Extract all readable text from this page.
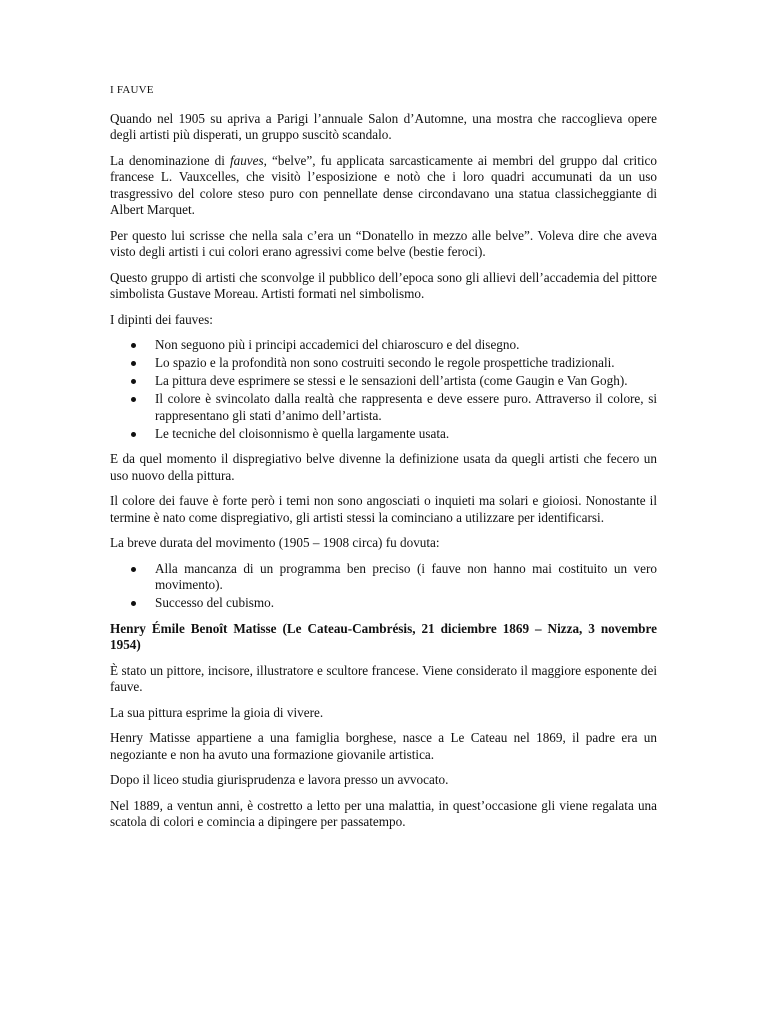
I FAUVE

Quando nel 1905 su apriva a Parigi l’annuale Salon d’Automne, una mostra che raccoglieva opere degli artisti più disperati, un gruppo suscitò scandalo.

La denominazione di fauves, “belve”, fu applicata sarcasticamente ai membri del gruppo dal critico francese L. Vauxcelles, che visitò l’esposizione e notò che i loro quadri accumunati da un uso trasgressivo del colore steso puro con pennellate dense circondavano una statua classicheggiante di Albert Marquet.

Per questo lui scrisse che nella sala c’era un “Donatello in mezzo alle belve”. Voleva dire che aveva visto degli artisti i cui colori erano agressivi come belve (bestie feroci).

Questo gruppo di artisti che sconvolge il pubblico dell’epoca sono gli allievi dell’accademia del pittore simbolista Gustave Moreau. Artisti formati nel simbolismo.

I dipinti dei fauves:

Non seguono più i principi accademici del chiaroscuro e del disegno.
Lo spazio e la profondità non sono costruiti secondo le regole prospettiche tradizionali.
La pittura deve esprimere se stessi e le sensazioni dell’artista (come Gaugin e Van Gogh).
Il colore è svincolato dalla realtà che rappresenta e deve essere puro. Attraverso il colore, si rappresentano gli stati d’animo dell’artista.
Le tecniche del cloisonnismo è quella largamente usata.

E da quel momento il dispregiativo belve divenne la definizione usata da quegli artisti che fecero un uso nuovo della pittura.

Il colore dei fauve è forte però i temi non sono angosciati o inquieti ma solari e gioiosi. Nonostante il termine è nato come dispregiativo, gli artisti stessi la cominciano a utilizzare per identificarsi.

La breve durata del movimento (1905 – 1908 circa) fu dovuta:

Alla mancanza di un programma ben preciso (i fauve non hanno mai costituito un vero movimento).
Successo del cubismo.
Henry Émile Benoît Matisse (Le Cateau-Cambrésis, 21 diciembre 1869 – Nizza, 3 novembre 1954)

È stato un pittore, incisore, illustratore e scultore francese. Viene considerato il maggiore esponente dei fauve.

La sua pittura esprime la gioia di vivere.

Henry Matisse appartiene a una famiglia borghese, nasce a Le Cateau nel 1869, il padre era un negoziante e non ha avuto una formazione giovanile artistica.

Dopo il liceo studia giurisprudenza e lavora presso un avvocato.

Nel 1889, a ventun anni, è costretto a letto per una malattia, in quest’occasione gli viene regalata una scatola di colori e comincia a dipingere per passatempo.
